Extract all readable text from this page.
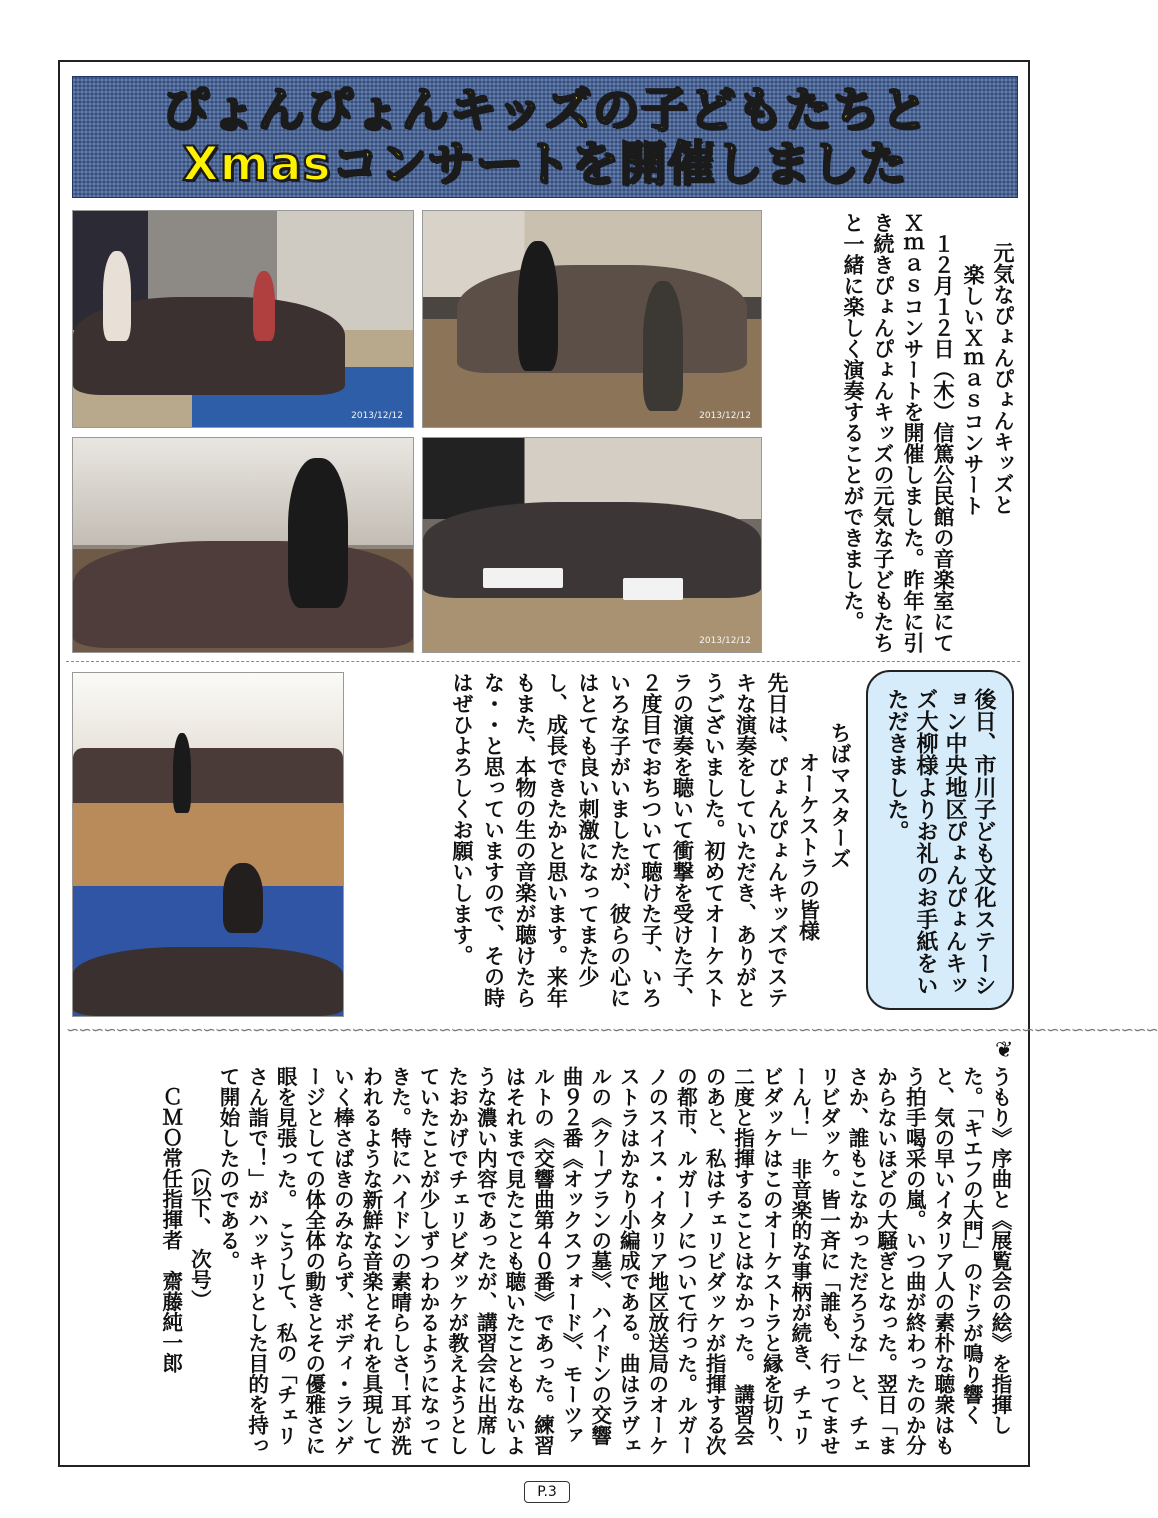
ぴょんぴょんキッズの子どもたちと
Xmasコンサートを開催しました
2013/12/12	2013/12/12
2013/12/12

元気なぴょんぴょんキッズと

楽しいＸｍａｓコンサート

１２月１２日（木）信篤公民館の音楽室にてＸｍａｓコンサートを開催しました。昨年に引き続きぴょんぴょんキッズの元気な子どもたちと一緒に楽しく演奏することができました。

後日、市川子ども文化ステーション中央地区ぴょんぴょんキッズ大柳様よりお礼のお手紙をいただきました。

ちばマスターズ

オーケストラの皆様

先日は、ぴょんぴょんキッズでステキな演奏をしていただき、ありがとうございました。初めてオーケストラの演奏を聴いて衝撃を受けた子、２度目でおちついて聴けた子、いろいろな子がいましたが、彼らの心にはとても良い刺激になってまた少し、成長できたかと思います。来年もまた、本物の生の音楽が聴けたらな・・と思っていますので、その時はぜひよろしくお願いします。

∽∽∽∽∽∽∽∽∽∽∽∽∽∽∽∽∽∽∽∽∽∽∽∽∽∽∽∽∽∽∽∽∽∽∽∽∽∽∽∽∽∽∽∽∽∽∽∽∽∽∽∽∽∽∽∽∽∽∽∽∽∽∽∽∽∽∽∽∽∽∽∽∽∽∽∽∽∽∽∽∽∽∽∽∽∽∽∽
❦

うもり》序曲と《展覧会の絵》を指揮した。「キエフの大門」のドラが鳴り響くと、気の早いイタリア人の素朴な聴衆はもう拍手喝采の嵐。いつ曲が終わったのか分からないほどの大騒ぎとなった。翌日「まさか、誰もこなかっただろうな」と、チェリビダッケ。皆一斉に「誰も、行ってませーん！」　非音楽的な事柄が続き、チェリビダッケはこのオーケストラと縁を切り、二度と指揮することはなかった。　講習会のあと、私はチェリビダッケが指揮する次の都市、ルガーノについて行った。ルガーノのスイス・イタリア地区放送局のオーケストラはかなり小編成である。曲はラヴェルの《クープランの墓》、ハイドンの交響曲９２番《オックスフォード》、モーツァルトの《交響曲第４０番》であった。練習はそれまで見たことも聴いたこともないような濃い内容であったが、講習会に出席したおかげでチェリビダッケが教えようとしていたことが少しずつわかるようになってきた。特にハイドンの素晴らしさ！耳が洗われるような新鮮な音楽とそれを具現していく棒さばきのみならず、ボディ・ランゲージとしての体全体の動きとその優雅さに眼を見張った。　こうして、私の「チェリさん詣で！」がハッキリとした目的を持って開始したのである。

（以下、　次号）

ＣＭＯ常任指揮者　齋藤純一郎

P.3
